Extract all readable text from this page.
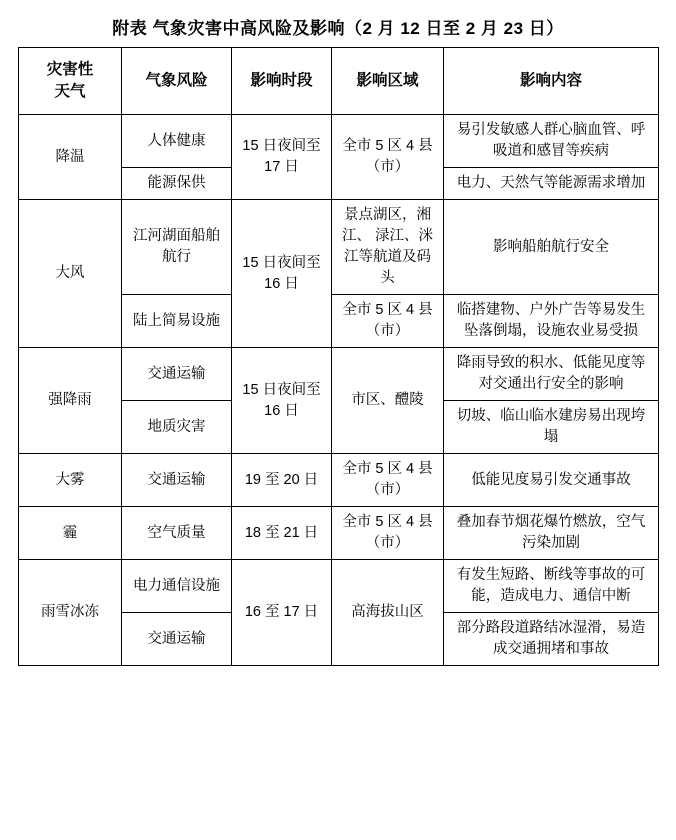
附表 气象灾害中高风险及影响（2 月 12 日至 2 月 23 日）
灾害性
天气	气象风险	影响时段	影响区域	影响内容
降温	人体健康	15 日夜间至 17 日	全市 5 区 4 县（市）	易引发敏感人群心脑血管、呼吸道和感冒等疾病
	能源保供			电力、天然气等能源需求增加
大风	江河湖面船舶航行	15 日夜间至 16 日	景点湖区，湘江、 渌江、洣江等航道及码头	影响船舶航行安全
	陆上简易设施		全市 5 区 4 县（市）	临搭建物、户外广告等易发生坠落倒塌，设施农业易受损
强降雨	交通运输	15 日夜间至 16 日	市区、醴陵	降雨导致的积水、低能见度等对交通出行安全的影响
	地质灾害			切坡、临山临水建房易出现垮塌
大雾	交通运输	19 至 20 日	全市 5 区 4 县（市）	低能见度易引发交通事故
霾	空气质量	18 至 21 日	全市 5 区 4 县（市）	叠加春节烟花爆竹燃放，空气污染加剧
雨雪冰冻	电力通信设施	16 至 17 日	高海拔山区	有发生短路、断线等事故的可能，造成电力、通信中断
	交通运输			部分路段道路结冰湿滑，易造成交通拥堵和事故
